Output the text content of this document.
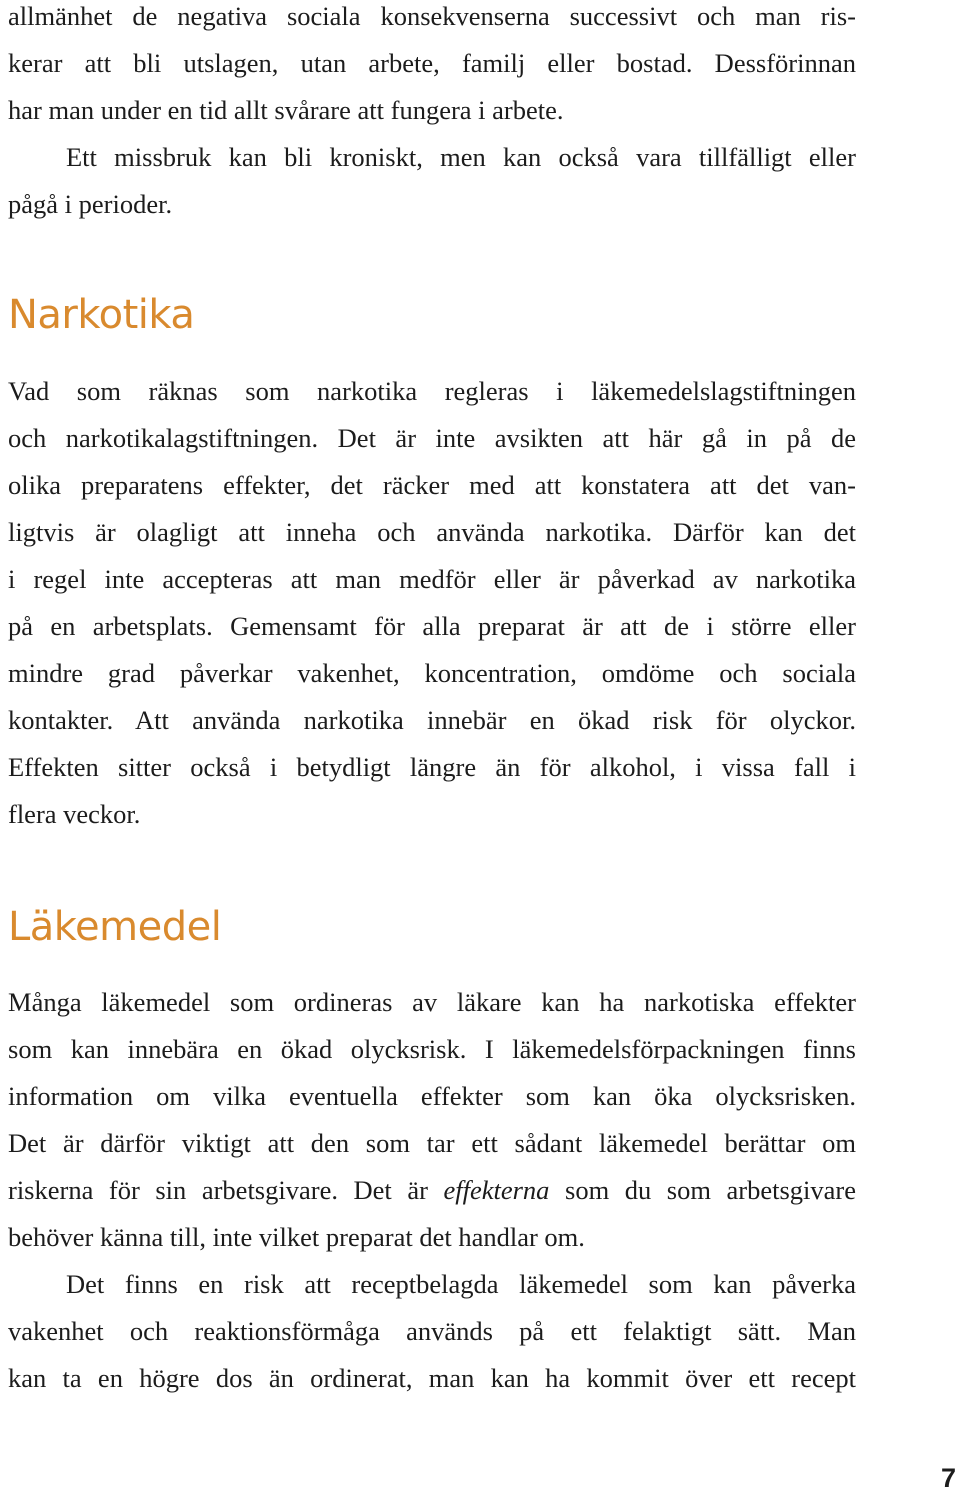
allmänhet de negativa sociala konsekvenserna successivt och man ris-
kerar att bli utslagen, utan arbete, familj eller bostad. Dessförinnan
har man under en tid allt svårare att fungera i arbete.
Ett missbruk kan bli kroniskt, men kan också vara tillfälligt eller
pågå i perioder.
Narkotika
Vad som räknas som narkotika regleras i läkemedelslagstiftningen
och narkotikalagstiftningen. Det är inte avsikten att här gå in på de
olika preparatens effekter, det räcker med att konstatera att det van-
ligtvis är olagligt att inneha och använda narkotika. Därför kan det
i regel inte accepteras att man medför eller är påverkad av narkotika
på en arbetsplats. Gemensamt för alla preparat är att de i större eller
mindre grad påverkar vakenhet, koncentration, omdöme och sociala
kontakter. Att använda narkotika innebär en ökad risk för olyckor.
Effekten sitter också i betydligt längre än för alkohol, i vissa fall i
flera veckor.
Läkemedel
Många läkemedel som ordineras av läkare kan ha narkotiska effekter
som kan innebära en ökad olycksrisk. I läkemedelsförpackningen finns
information om vilka eventuella effekter som kan öka olycksrisken.
Det är därför viktigt att den som tar ett sådant läkemedel berättar om
riskerna för sin arbetsgivare. Det är effekterna som du som arbetsgivare
behöver känna till, inte vilket preparat det handlar om.
Det finns en risk att receptbelagda läkemedel som kan påverka
vakenhet och reaktionsförmåga används på ett felaktigt sätt. Man
kan ta en högre dos än ordinerat, man kan ha kommit över ett recept
7
